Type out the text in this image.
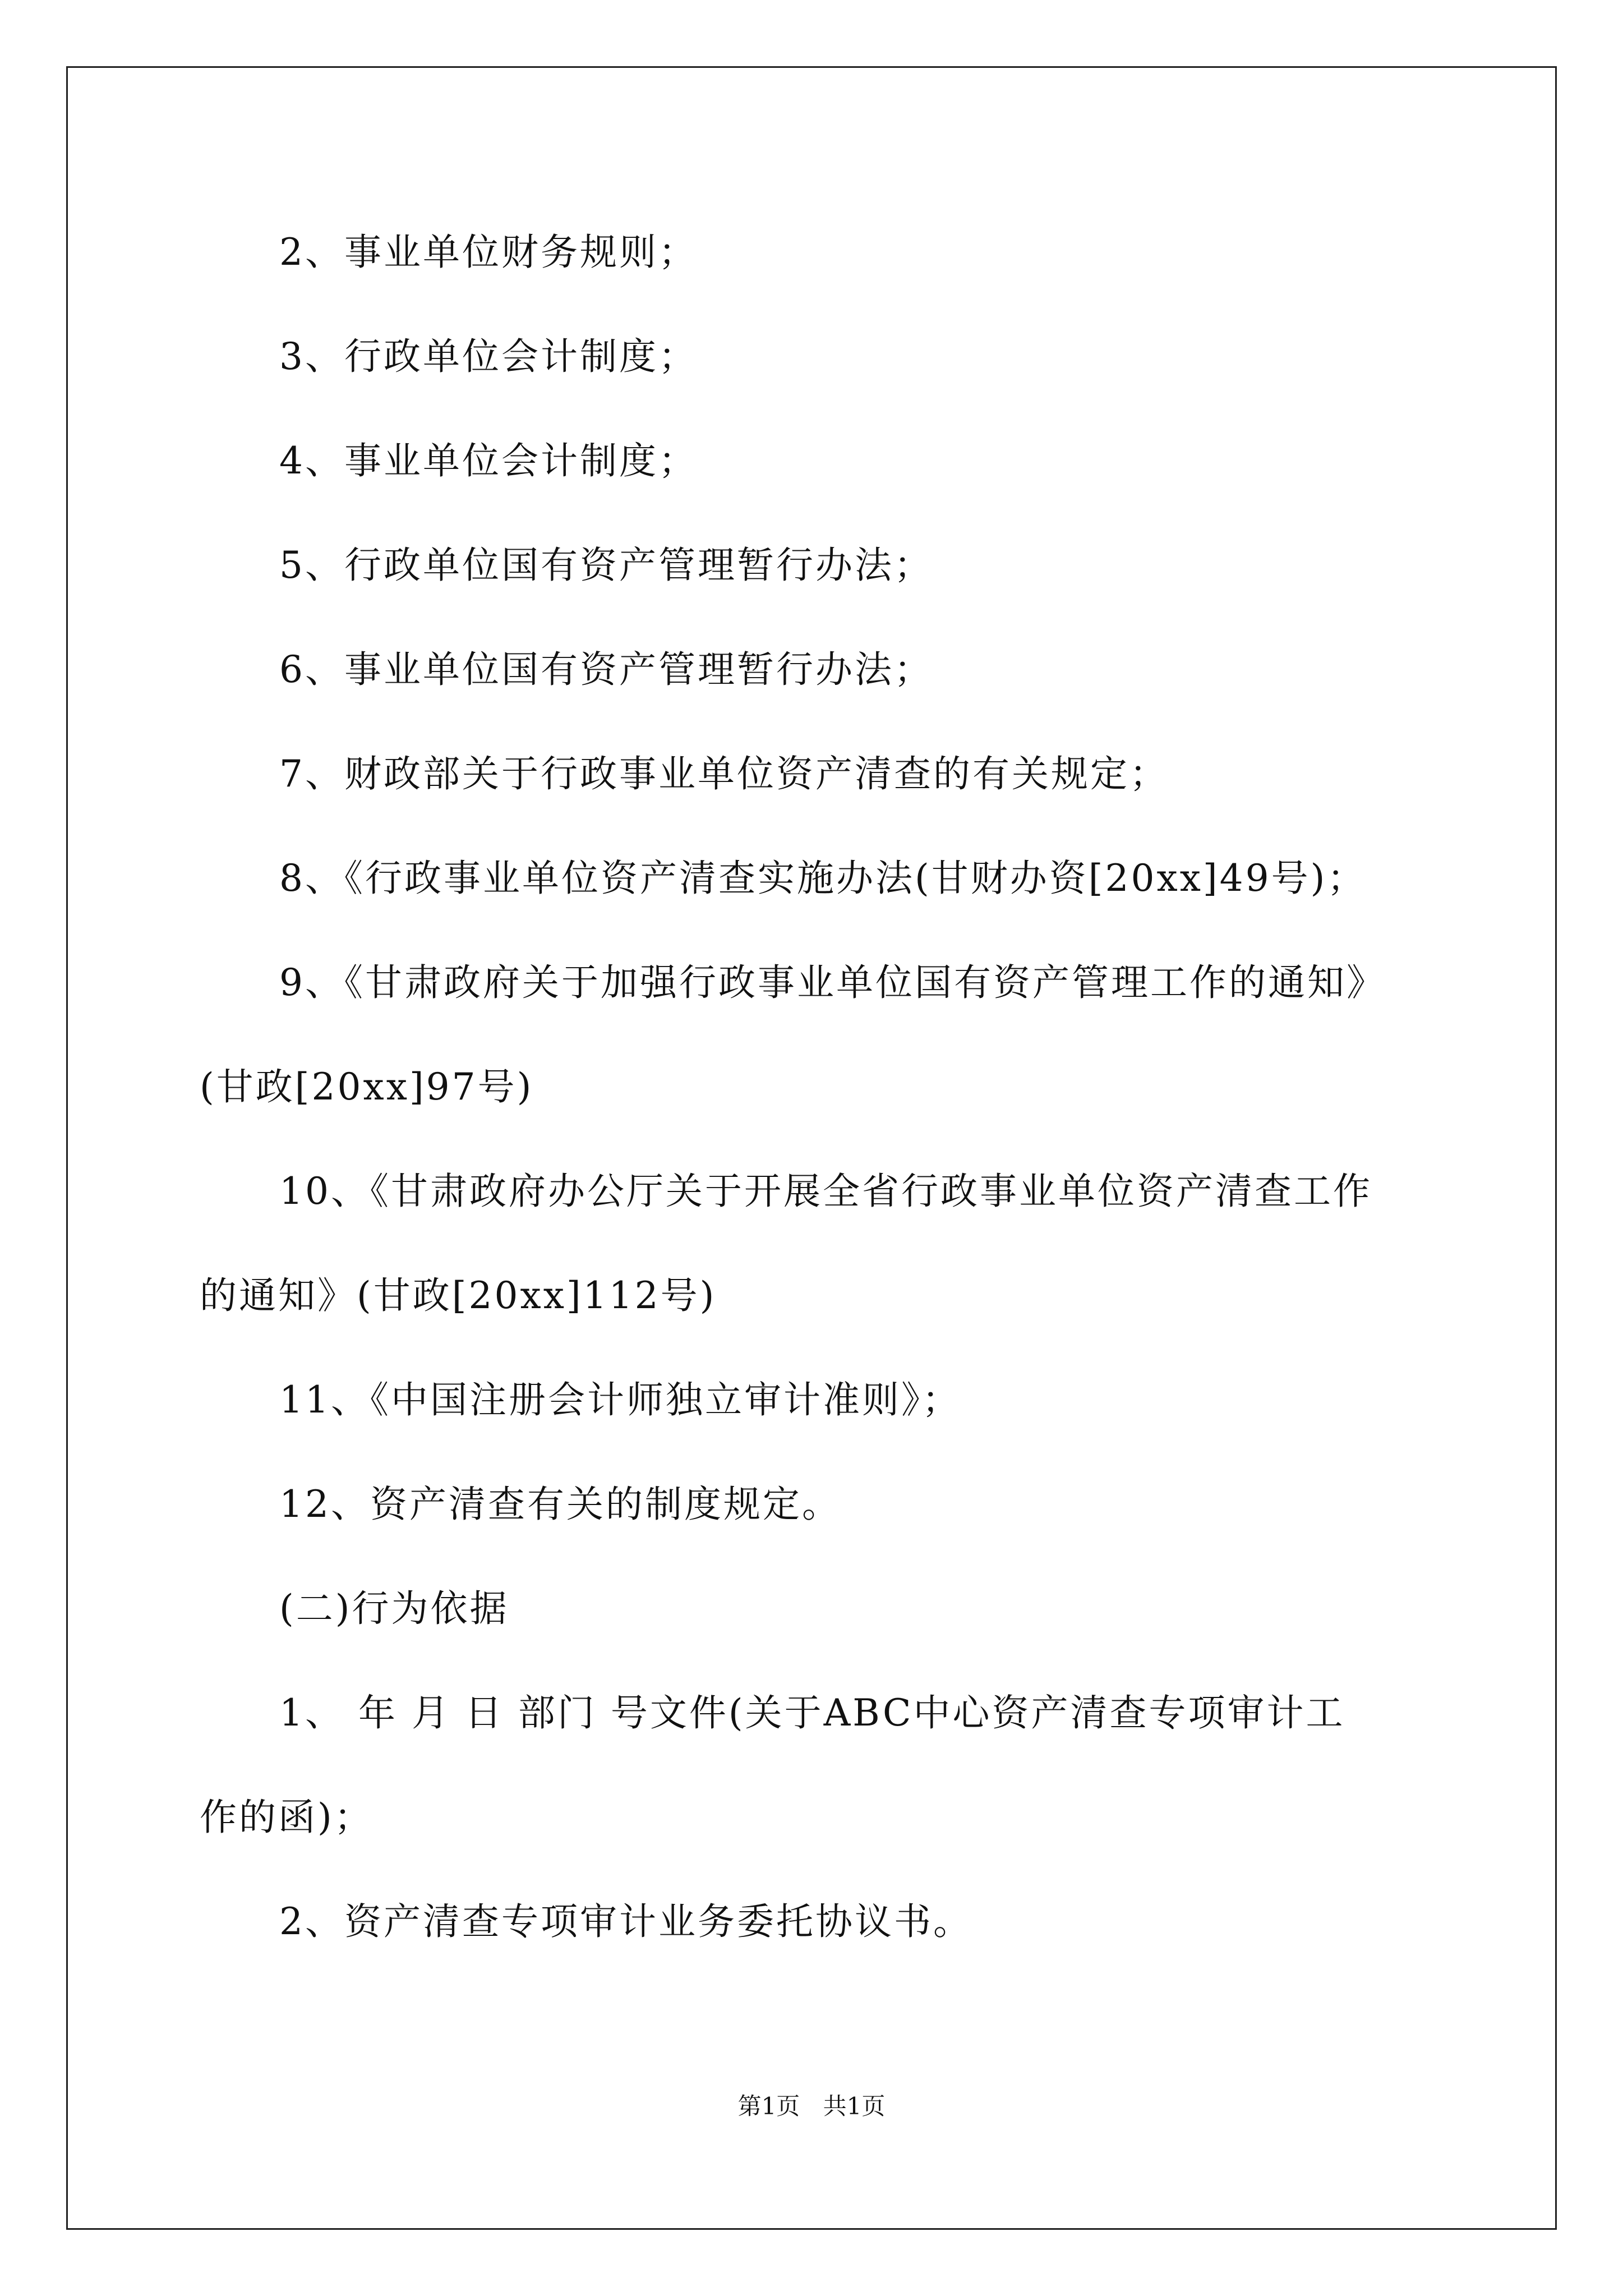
2、事业单位财务规则；
3、行政单位会计制度；
4、事业单位会计制度；
5、行政单位国有资产管理暂行办法；
6、事业单位国有资产管理暂行办法；
7、财政部关于行政事业单位资产清查的有关规定；
8、《行政事业单位资产清查实施办法(甘财办资[20xx]49号)；
9、《甘肃政府关于加强行政事业单位国有资产管理工作的通知》
(甘政[20xx]97号)
10、《甘肃政府办公厅关于开展全省行政事业单位资产清查工作
的通知》(甘政[20xx]112号)
11、《中国注册会计师独立审计准则》；
12、资产清查有关的制度规定。
(二)行为依据
1、 年 月 日 部门 号文件(关于ABC中心资产清查专项审计工
作的函)；
2、资产清查专项审计业务委托协议书。
第1页 共1页
